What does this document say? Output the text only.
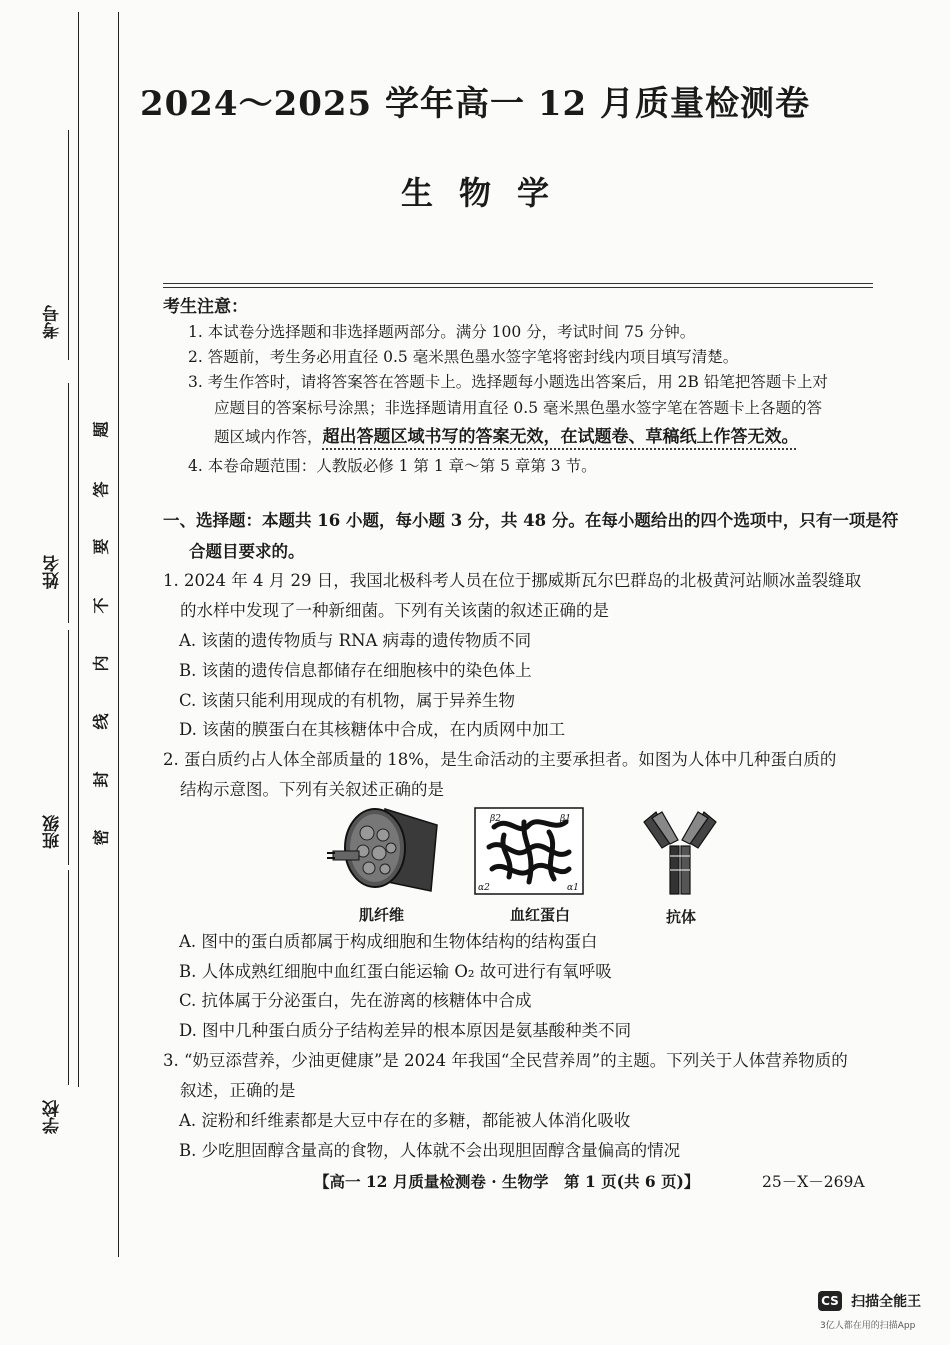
考号
姓名
班级
学校
题
答
要
不
内
线
封
密
2024～2025 学年高一 12 月质量检测卷
生物学
考生注意：
1. 本试卷分选择题和非选择题两部分。满分 100 分，考试时间 75 分钟。
2. 答题前，考生务必用直径 0.5 毫米黑色墨水签字笔将密封线内项目填写清楚。
3. 考生作答时，请将答案答在答题卡上。选择题每小题选出答案后，用 2B 铅笔把答题卡上对
应题目的答案标号涂黑；非选择题请用直径 0.5 毫米黑色墨水签字笔在答题卡上各题的答
题区域内作答，超出答题区域书写的答案无效，在试题卷、草稿纸上作答无效。
4. 本卷命题范围：人教版必修 1 第 1 章～第 5 章第 3 节。
一、选择题：本题共 16 小题，每小题 3 分，共 48 分。在每小题给出的四个选项中，只有一项是符
合题目要求的。
1. 2024 年 4 月 29 日，我国北极科考人员在位于挪威斯瓦尔巴群岛的北极黄河站顺冰盖裂缝取
的水样中发现了一种新细菌。下列有关该菌的叙述正确的是
A. 该菌的遗传物质与 RNA 病毒的遗传物质不同
B. 该菌的遗传信息都储存在细胞核中的染色体上
C. 该菌只能利用现成的有机物，属于异养生物
D. 该菌的膜蛋白在其核糖体中合成，在内质网中加工
2. 蛋白质约占人体全部质量的 18%，是生命活动的主要承担者。如图为人体中几种蛋白质的
结构示意图。下列有关叙述正确的是
β2	β1
α2	α1
肌纤维	血红蛋白	抗体
A. 图中的蛋白质都属于构成细胞和生物体结构的结构蛋白
B. 人体成熟红细胞中血红蛋白能运输 O₂ 故可进行有氧呼吸
C. 抗体属于分泌蛋白，先在游离的核糖体中合成
D. 图中几种蛋白质分子结构差异的根本原因是氨基酸种类不同
3. “奶豆添营养，少油更健康”是 2024 年我国“全民营养周”的主题。下列关于人体营养物质的
叙述，正确的是
A. 淀粉和纤维素都是大豆中存在的多糖，都能被人体消化吸收
B. 少吃胆固醇含量高的食物，人体就不会出现胆固醇含量偏高的情况
【高一 12 月质量检测卷 · 生物学　第 1 页(共 6 页)】	25－X－269A
CS 扫描全能王
3亿人都在用的扫描App
